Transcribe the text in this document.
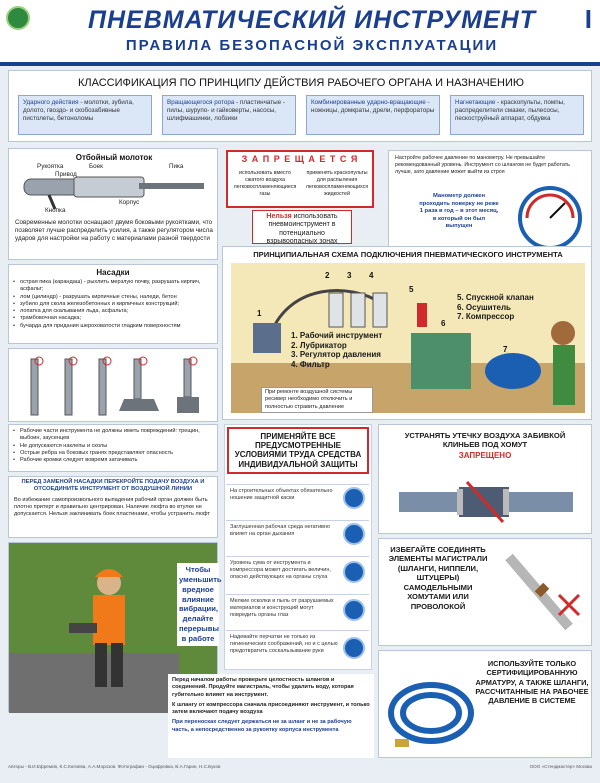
ПНЕВМАТИЧЕСКИЙ ИНСТРУМЕНТ
ПРАВИЛА БЕЗОПАСНОЙ ЭКСПЛУАТАЦИИ
I
КЛАССИФИКАЦИЯ ПО ПРИНЦИПУ ДЕЙСТВИЯ РАБОЧЕГО ОРГАНА И НАЗНАЧЕНИЮ
Ударного действия - молотки, зубила, долото, гвоздо- и скобозабивные пистолеты, бетоноломы
Вращающегося ротора - пластинчатые - пилы, шурупо- и гайковерты, насосы, шлифмашинки, лобзики
Комбинированные ударно-вращающие - ножницы, домкраты, дрели, перфораторы
Нагнетающие - краскопульты, помпы, распределители смазки, пылесосы, пескоструйный аппарат, обдувка
Отбойный молоток
Рукоятка	Боек	Пика
Привод
Кнопка
Корпус
Современные молотки оснащают двумя боковыми рукоятками, что позволяет лучше распределить усилия, а также регулятором числа ударов для настройки на работу с материалами разной твердости
З А П Р Е Щ А Е Т С Я
использовать вместо сжатого воздуха легковоспламеняющиеся газы
применять краскопульты для распыления легковоспламеняющихся жидкостей
Нельзя использовать пневмоинструмент в потенциально взрывоопасных зонах
Настройте рабочее давление по манометру. Не превышайте рекомендованный уровень. Инструмент со шлангом не будет работать лучше, зато давление может выйти из строя
Манометр должен проходить поверку не реже 1 раза в год – в этот месяц, в который он был выпущен
Насадки
• острая пика (карандаш) - рыхлить мерзлую почву, разрушать кирпич, асфальт;
• лом (цилиндр) - разрушать кирпичные стены, наледи, бетон
• зубило для скола железобетонных и кирпичных конструкций;
• лопатка для скалывания льда, асфальта;
• трамбовочная насадка;
• бучарда для придания шероховатости гладким поверхностям
• Рабочие части инструмента не должны иметь повреждений: трещин, выбоин, заусенцев
• Не допускаются наклепы и сколы
• Острые ребра на боковых гранях представляют опасность
• Рабочие кромки следует вовремя затачивать
ПРИНЦИПИАЛЬНАЯ СХЕМА ПОДКЛЮЧЕНИЯ ПНЕВМАТИЧЕСКОГО ИНСТРУМЕНТА
2 3 4
5
6
7
1
1. Рабочий инструмент
2. Лубрикатор
3. Регулятор давления
4. Фильтр
5. Спускной клапан
6. Осушитель
7. Компрессор
При ремонте воздушной системы ресивер необходимо отключить и полностью стравить давление
ПРИМЕНЯЙТЕ ВСЕ ПРЕДУСМОТРЕННЫЕ УСЛОВИЯМИ ТРУДА СРЕДСТВА ИНДИВИДУАЛЬНОЙ ЗАЩИТЫ
На строительных объектах обязательно ношение защитной каски
Заглушенная рабочая среда негативно влияет на орган дыхания
Уровень сума от инструмента и компрессора может достигать величин, опасно действующих на органы слуха
Мелкие осколки и пыль от разрушаемых материалов и конструкций могут повредить органы глаз
Надевайте перчатки не только из гигиенических соображений, но и с целью предотвратить соскальзывание руки
УСТРАНЯТЬ УТЕЧКУ ВОЗДУХА ЗАБИВКОЙ КЛИНЬЕВ ПОД ХОМУТ
ЗАПРЕЩЕНО
ПЕРЕД ЗАМЕНОЙ НАСАДКИ ПЕРЕКРОЙТЕ ПОДАЧУ ВОЗДУХА И ОТСОЕДИНИТЕ ИНСТРУМЕНТ ОТ ВОЗДУШНОЙ ЛИНИИ
Во избежание самопроизвольного выпадения рабочий орган должен быть плотно притерт и правильно центрирован. Наличие люфта во втулке не допускается. Нельзя заклинивать боек пластинами, чтобы устранить люфт
Чтобы уменьшить вредное влияние вибрации, делайте перерывы в работе
ИЗБЕГАЙТЕ СОЕДИНЯТЬ ЭЛЕМЕНТЫ МАГИСТРАЛИ (ШЛАНГИ, НИППЕЛИ, ШТУЦЕРЫ) САМОДЕЛЬНЫМИ ХОМУТАМИ ИЛИ ПРОВОЛОКОЙ
ИСПОЛЬЗУЙТЕ ТОЛЬКО СЕРТИФИЦИРОВАННУЮ АРМАТУРУ, А ТАКЖЕ ШЛАНГИ, РАССЧИТАННЫЕ НА РАБОЧЕЕ ДАВЛЕНИЕ В СИСТЕМЕ
Перед началом работы проверьте целостность шлангов и соединений. Продуйте магистраль, чтобы удалить воду, которая губительно влияет на инструмент.
К шлангу от компрессора сначала присоединяют инструмент, и только затем включают подачу воздуха
При переносках следует держаться не за шланг и не за рабочую часть, а непосредственно за рукоятку корпуса инструмента
Авторы - В.И.Ефремов, К.С.Князева, А.А.Морозов. Фотографии - Оцифровка, В.А.Гарин, Н.С.Буков	ООО «Стендмастер» Москва
